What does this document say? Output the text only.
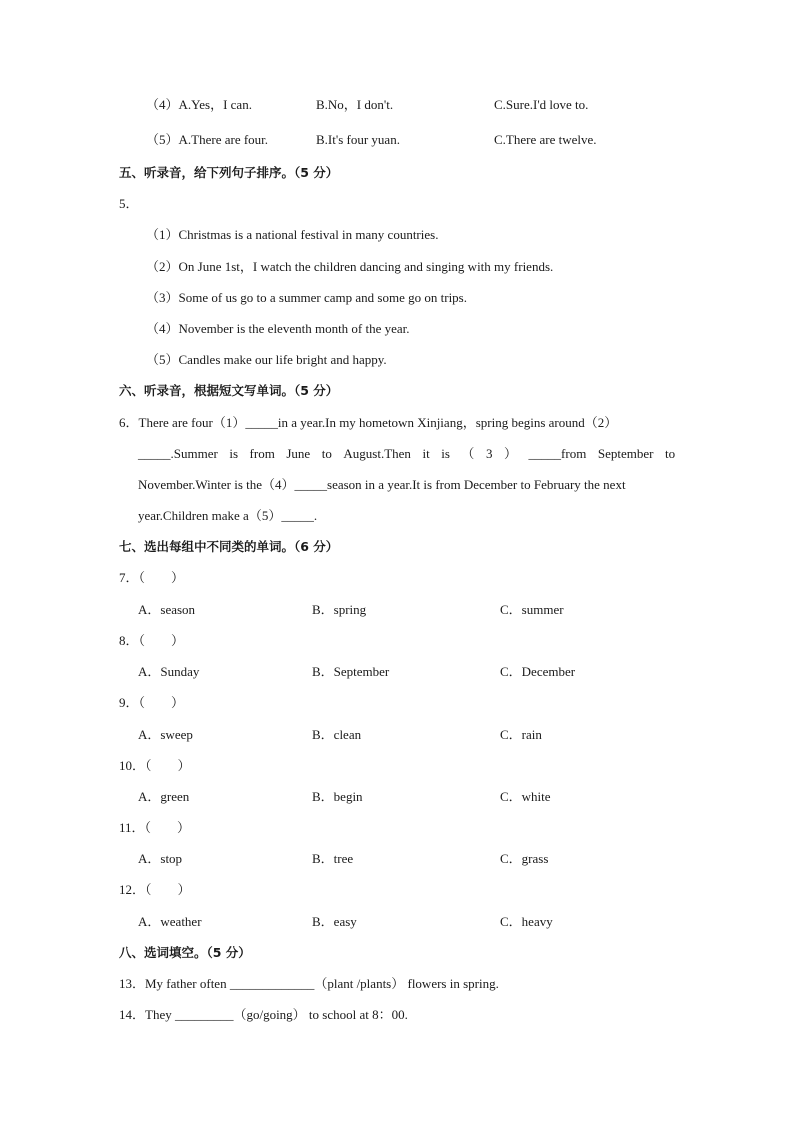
（4）A.Yes，I can.	B.No，I don't.	C.Sure.I'd love to.
（5）A.There are four.	B.It's four yuan.	C.There are twelve.
五、听录音，给下列句子排序。（5 分）
5．
（1）Christmas is a national festival in many countries.
（2）On June 1st，I watch the children dancing and singing with my friends.
（3）Some of us go to a summer camp and some go on trips.
（4）November is the eleventh month of the year.
（5）Candles make our life bright and happy.
六、听录音，根据短文写单词。（5 分）
6．There are four（1）_____in a year.In my hometown Xinjiang，spring begins around（2）
_____.Summer is from June to August.Then it is （ 3 ） _____from September to
November.Winter is the（4）_____season in a year.It is from December to February the next
year.Children make a（5）_____.
七、选出每组中不同类的单词。（6 分）
7．（　　）
A．season	B．spring	C．summer
8．（　　）
A．Sunday	B．September	C．December
9．（　　）
A．sweep	B．clean	C．rain
10．（　　）
A．green	B．begin	C．white
11．（　　）
A．stop	B．tree	C．grass
12．（　　）
A．weather	B．easy	C．heavy
八、选词填空。（5 分）
13．My father often _____________（plant /plants） flowers in spring.
14．They _________（go/going） to school at 8：00.
